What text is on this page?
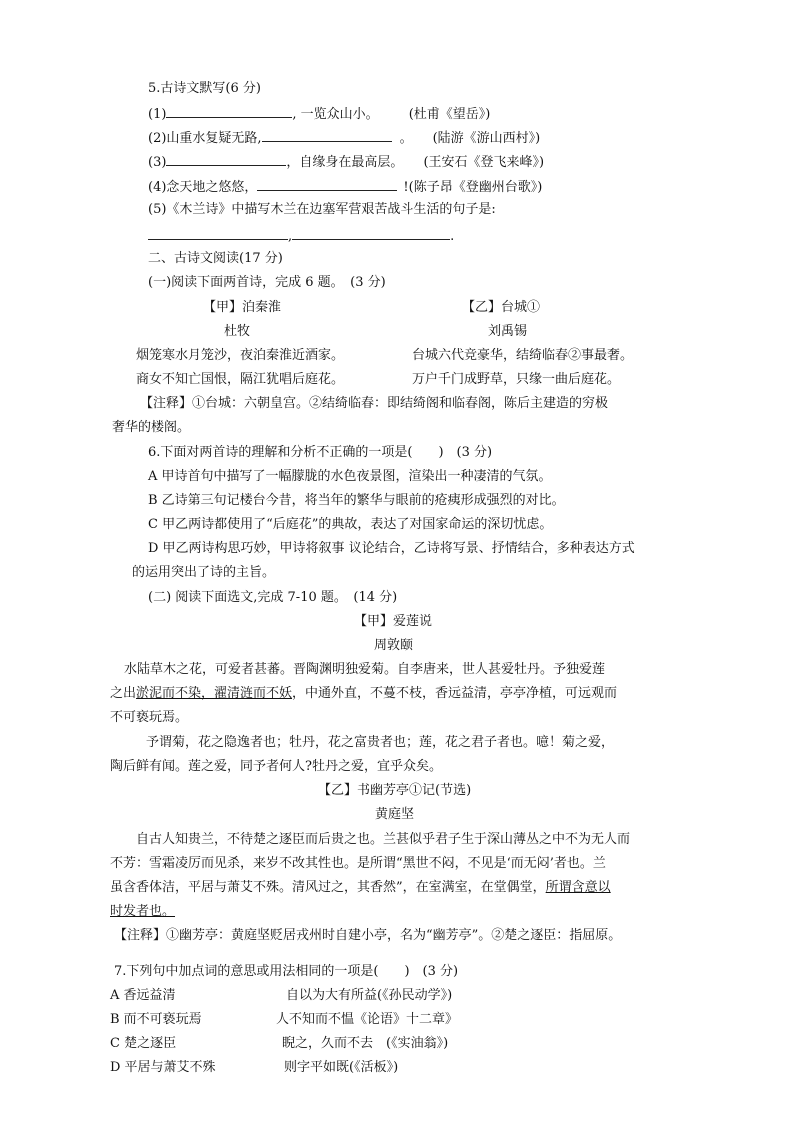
5.古诗文默写(6 分)
(1)	, 一览众山小。 (杜甫《望岳》)
(2)山重水复疑无路,	。 (陆游《游山西村》)
(3)	，自缘身在最高层。 (王安石《登飞来峰》)
(4)念天地之悠悠，	!(陈子昂《登幽州台歌》)
(5)《木兰诗》中描写木兰在边塞军营艰苦战斗生活的句子是:
,	.
二、古诗文阅读(17 分)
(一)阅读下面两首诗，完成 6 题。　(3 分)
【甲】泊秦淮	【乙】台城①
杜牧	刘禹锡
烟笼寒水月笼沙，夜泊秦淮近酒家。	台城六代竞豪华，结绮临春②事最奢。
商女不知亡国恨，隔江犹唱后庭花。	万户千门成野草，只缘一曲后庭花。
【注释】①台城：六朝皇宫。②结绮临春：即结绮阁和临春阁，陈后主建造的穷极
奢华的楼阁。
6.下面对两首诗的理解和分析不正确的一项是(　　)　(3 分)
A 甲诗首句中描写了一幅朦胧的水色夜景图，渲染出一种凄清的气氛。
B 乙诗第三句记楼台今昔，将当年的繁华与眼前的疮痍形成强烈的对比。
C 甲乙两诗都使用了“后庭花”的典故，表达了对国家命运的深切忧虑。
D 甲乙两诗构思巧妙，甲诗将叙事 议论结合，乙诗将写景、抒情结合，多种表达方式
的运用突出了诗的主旨。
(二) 阅读下面选文,完成 7-10 题。　(14 分)
【甲】爱莲说
周敦颐
水陆草木之花，可爱者甚蕃。晋陶渊明独爱菊。自李唐来，世人甚爱牡丹。予独爱莲
之出淤泥而不染，濯清涟而不妖，中通外直，不蔓不枝，香远益清，亭亭净植，可远观而
不可亵玩焉。
予谓菊，花之隐逸者也；牡丹，花之富贵者也；莲，花之君子者也。噫！菊之爱，
陶后鲜有闻。莲之爱，同予者何人?牡丹之爱，宜乎众矣。
【乙】书幽芳亭①记(节选)
黄庭坚
自古人知贵兰，不待楚之逐臣而后贵之也。兰甚似乎君子生于深山薄丛之中不为无人而
不芳：雪霜凌厉而见杀，来岁不改其性也。是所谓“黑世不闷，不见是‘而无闷’者也。兰
虽含香体洁，平居与萧艾不殊。清风过之，其香然”，在室满室，在堂偶堂，所谓含意以
时发者也。
【注释】①幽芳亭：黄庭坚贬居戎州时自建小亭，名为“幽芳亭”。②楚之逐臣：指屈原。
7.下列句中加点词的意思或用法相同的一项是(　　)　(3 分)
A 香远益清	自以为大有所益(《孙民动学》)
B 而不可亵玩焉	人不知而不愠《论语》十二章》
C 楚之逐臣	睨之，久而不去　(《实油翁》)
D 平居与萧艾不殊	则字平如既(《活板》)
